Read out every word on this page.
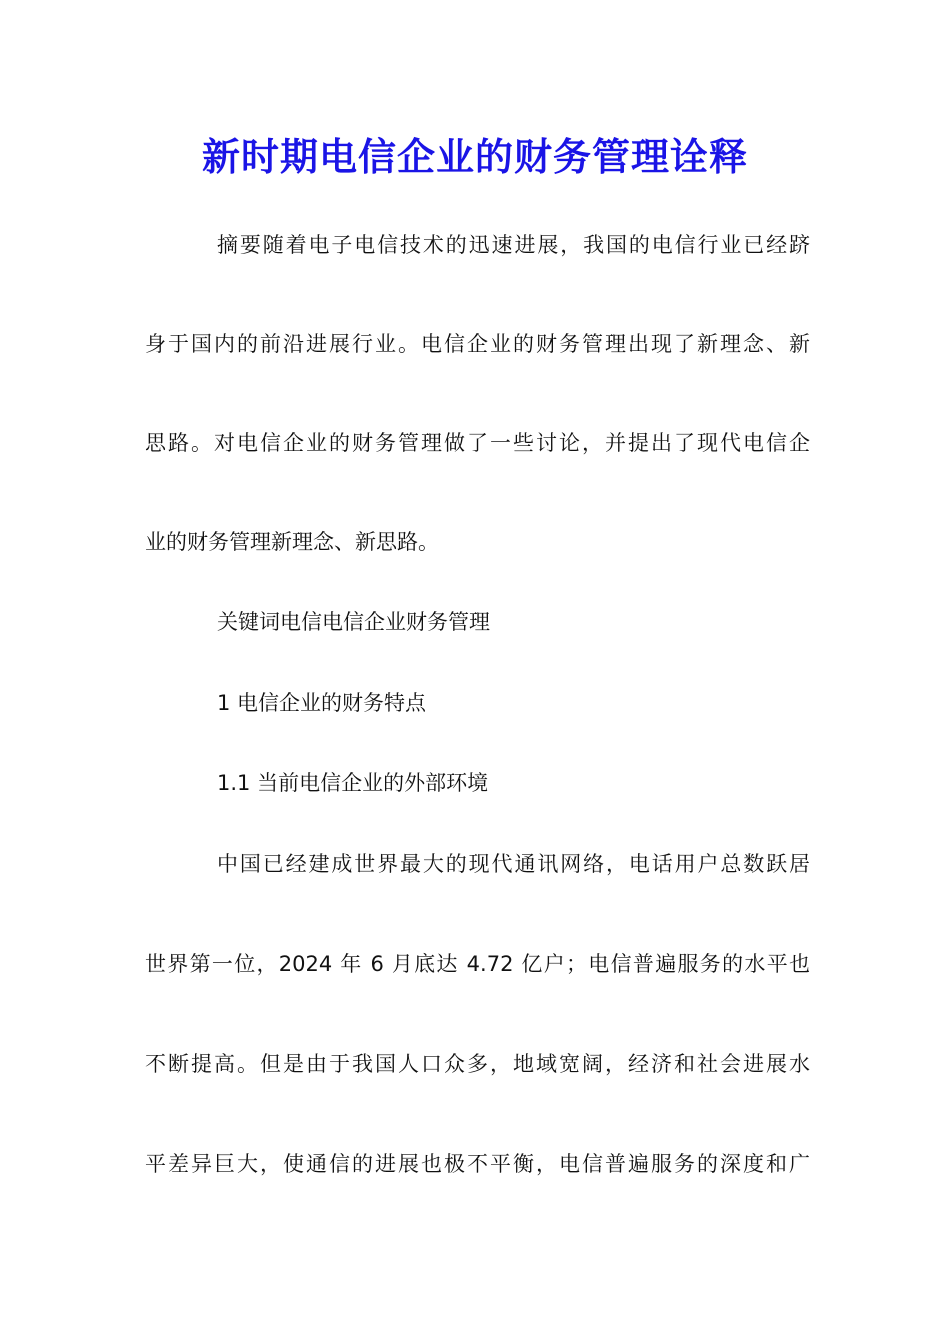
新时期电信企业的财务管理诠释

摘要随着电子电信技术的迅速进展，我国的电信行业已经跻

身于国内的前沿进展行业。电信企业的财务管理出现了新理念、新

思路。对电信企业的财务管理做了一些讨论，并提出了现代电信企

业的财务管理新理念、新思路。

关键词电信电信企业财务管理

1 电信企业的财务特点

1.1 当前电信企业的外部环境

中国已经建成世界最大的现代通讯网络，电话用户总数跃居

世界第一位，2024 年 6 月底达 4.72 亿户；电信普遍服务的水平也

不断提高。但是由于我国人口众多，地域宽阔，经济和社会进展水

平差异巨大，使通信的进展也极不平衡，电信普遍服务的深度和广
